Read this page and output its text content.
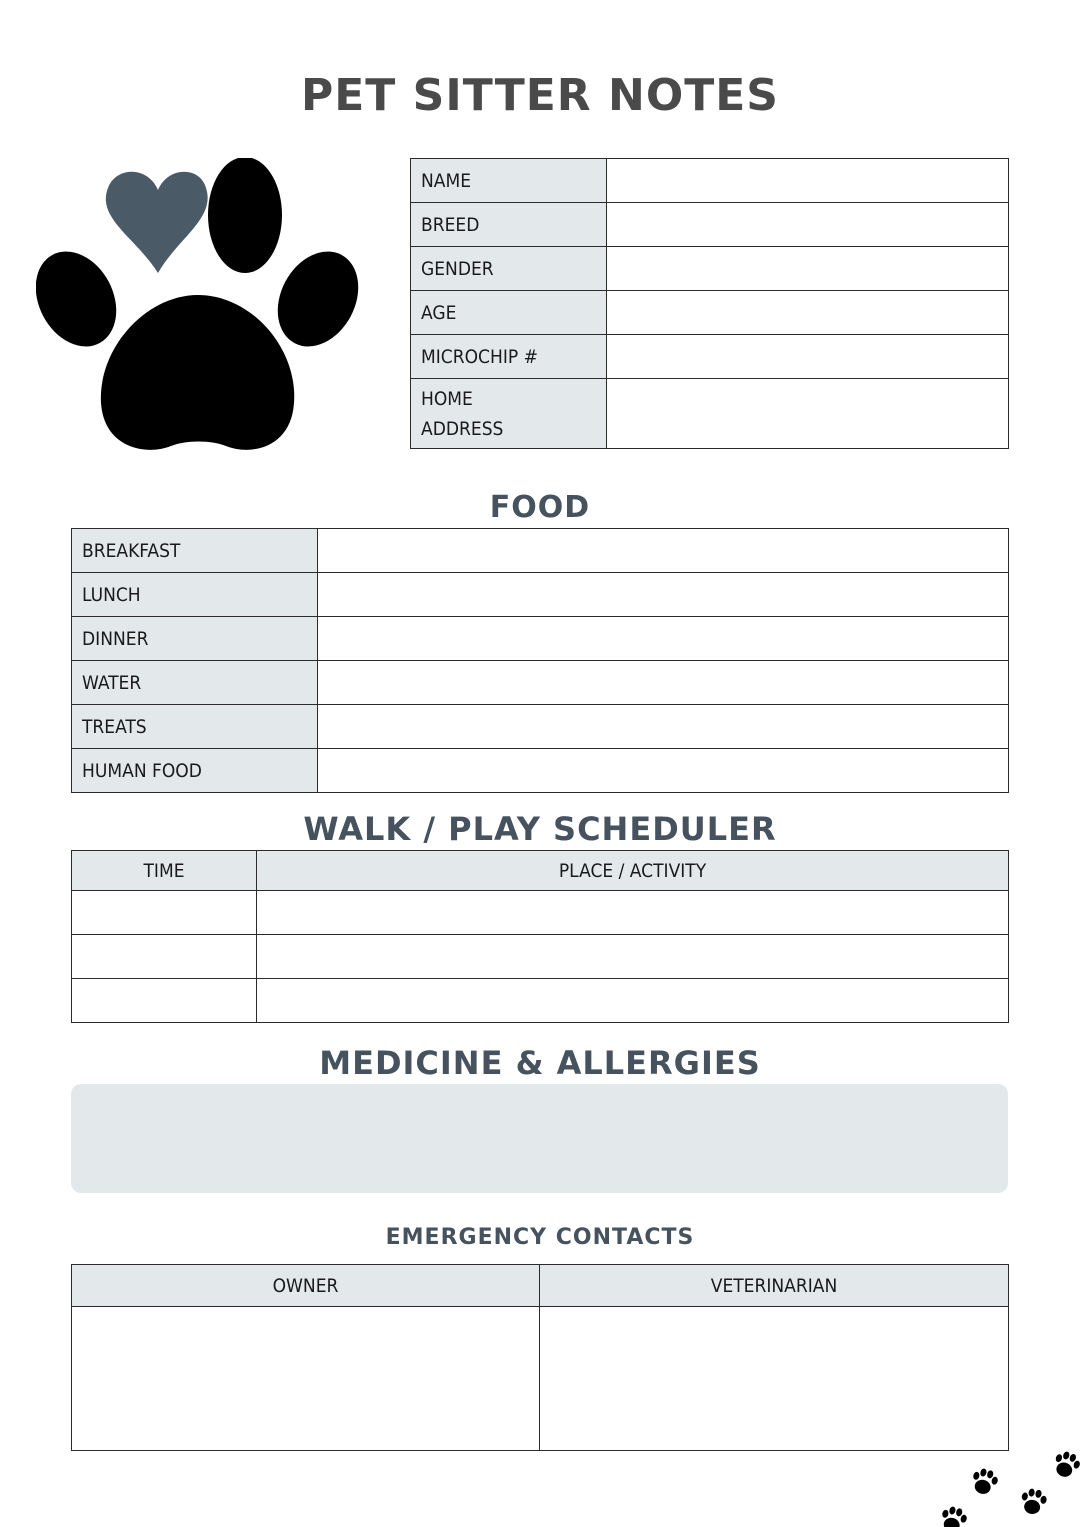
PET SITTER NOTES
NAME	
BREED	
GENDER	
AGE	
MICROCHIP #	
HOME ADDRESS	
FOOD
BREAKFAST	
LUNCH	
DINNER	
WATER	
TREATS	
HUMAN FOOD	
WALK / PLAY SCHEDULER
TIME	PLACE / ACTIVITY

MEDICINE & ALLERGIES
EMERGENCY CONTACTS
OWNER	VETERINARIAN
